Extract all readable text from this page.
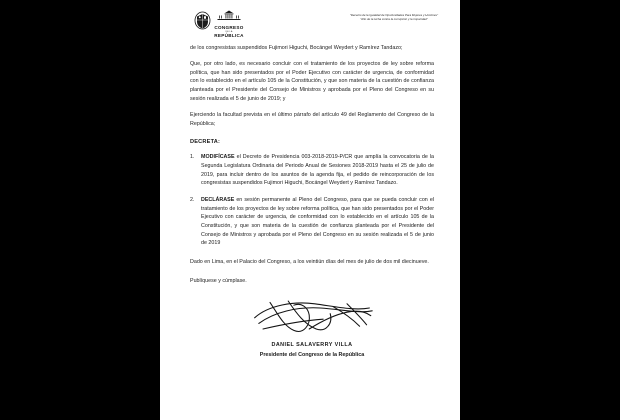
CONGRESO
DE LA
REPÚBLICA
"Decenio de la Igualdad de Oportunidades Para Mujeres y Hombres"
"Año de la lucha contra la corrupción y la impunidad"

de los congresistas suspendidos Fujimori Higuchi, Bocángel Weydert y Ramírez Tandazo;

Que, por otro lado, es necesario concluir con el tratamiento de los proyectos de ley sobre reforma política, que han sido presentados por el Poder Ejecutivo con carácter de urgencia, de conformidad con lo establecido en el artículo 105 de la Constitución, y que son materia de la cuestión de confianza planteada por el Presidente del Consejo de Ministros y aprobada por el Pleno del Congreso en su sesión realizada el 5 de junio de 2019; y

Ejerciendo la facultad prevista en el último párrafo del artículo 49 del Reglamento del Congreso de la República;

DECRETA:
1.	MODIFÍCASE el Decreto de Presidencia 003-2018-2019-P/CR que amplía la convocatoria de la Segunda Legislatura Ordinaria del Periodo Anual de Sesiones 2018-2019 hasta el 25 de julio de 2019, para incluir dentro de los asuntos de la agenda fija, el pedido de reincorporación de los congresistas suspendidos Fujimori Higuchi, Bocángel Weydert y Ramírez Tandazo.
2.	DECLÁRASE en sesión permanente al Pleno del Congreso, para que se pueda concluir con el tratamiento de los proyectos de ley sobre reforma política, que han sido presentados por el Poder Ejecutivo con carácter de urgencia, de conformidad con lo establecido en el artículo 105 de la Constitución, y que son materia de la cuestión de confianza planteada por el Presidente del Consejo de Ministros y aprobada por el Pleno del Congreso en su sesión realizada el 5 de junio de 2019

Dado en Lima, en el Palacio del Congreso, a los veintiún días del mes de julio de dos mil diecinueve.

Publíquese y cúmplase.

DANIEL SALAVERRY VILLA
Presidente del Congreso de la República
